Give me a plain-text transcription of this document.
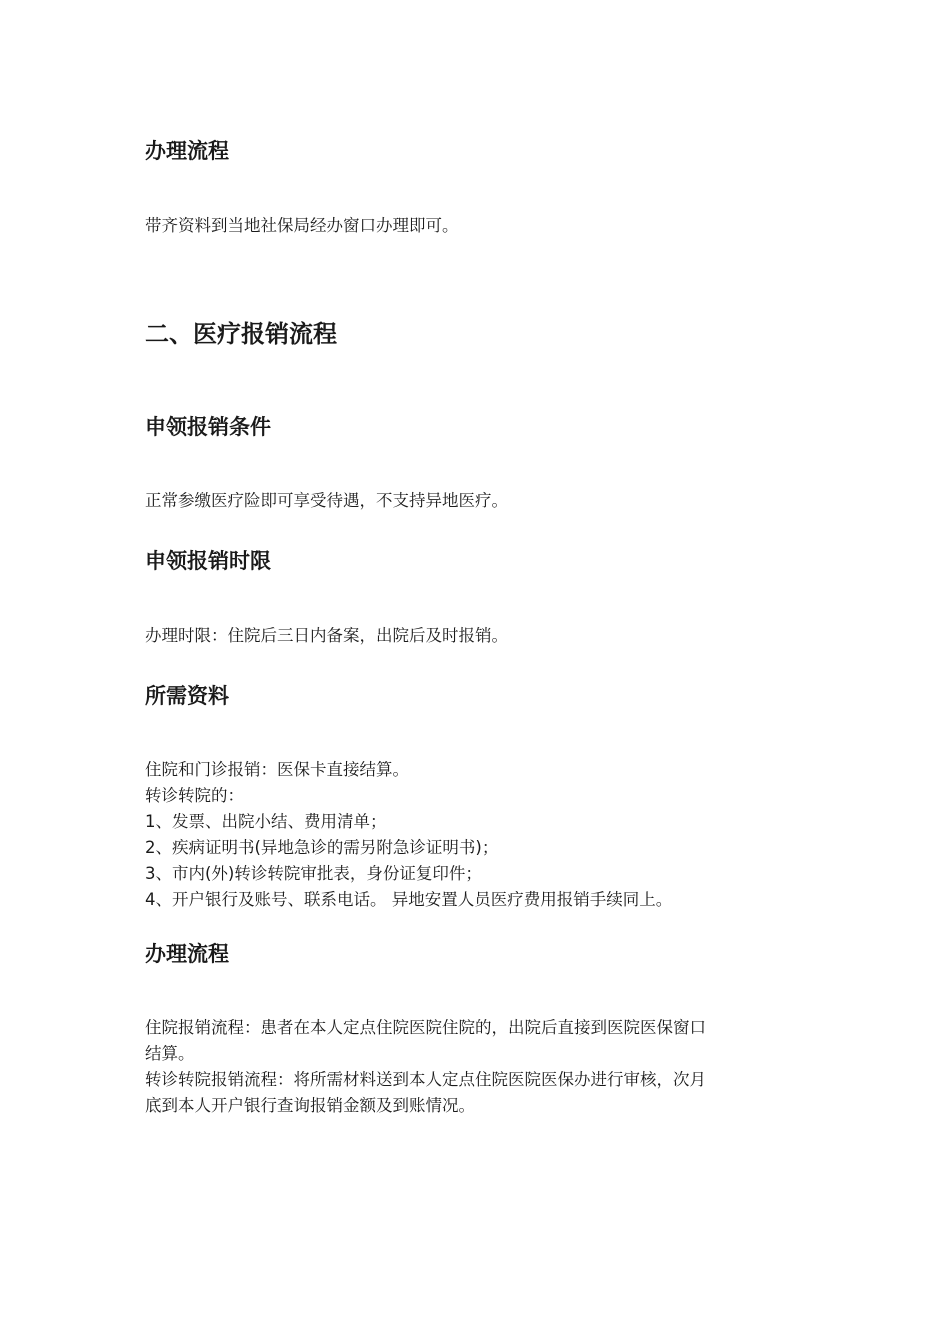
办理流程

带齐资料到当地社保局经办窗口办理即可。

二、医疗报销流程
申领报销条件

正常参缴医疗险即可享受待遇，不支持异地医疗。

申领报销时限

办理时限：住院后三日内备案，出院后及时报销。

所需资料
住院和门诊报销：医保卡直接结算。
转诊转院的：
1、发票、出院小结、费用清单；
2、疾病证明书(异地急诊的需另附急诊证明书)；
3、市内(外)转诊转院审批表，身份证复印件；
4、开户银行及账号、联系电话。 异地安置人员医疗费用报销手续同上。
办理流程
住院报销流程：患者在本人定点住院医院住院的，出院后直接到医院医保窗口
结算。
转诊转院报销流程：将所需材料送到本人定点住院医院医保办进行审核，次月
底到本人开户银行查询报销金额及到账情况。
